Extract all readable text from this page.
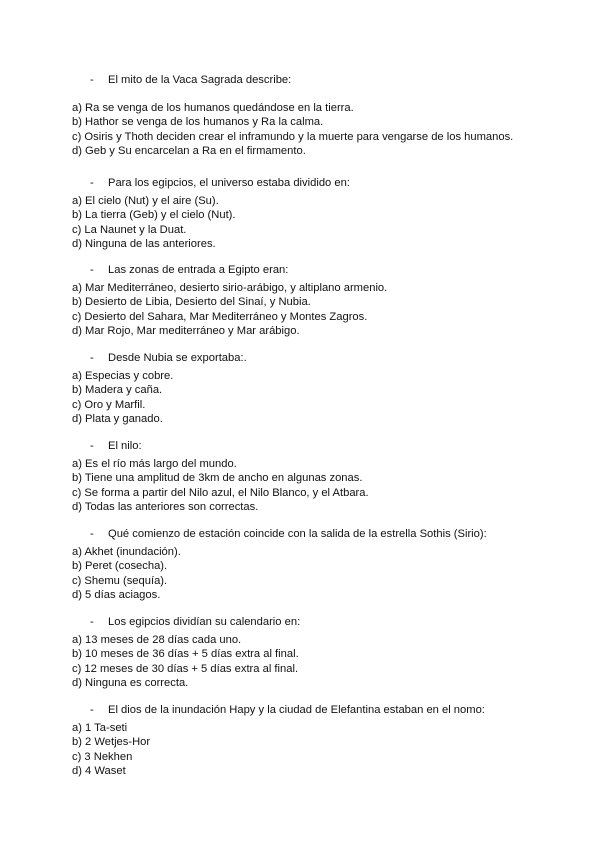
- El mito de la Vaca Sagrada describe:
a) Ra se venga de los humanos quedándose en la tierra.
b) Hathor se venga de los humanos y Ra la calma.
c) Osiris y Thoth deciden crear el inframundo y la muerte para vengarse de los humanos.
d) Geb y Su encarcelan a Ra en el firmamento.
- Para los egipcios, el universo estaba dividido en:
a) El cielo (Nut) y el aire (Su).
b) La tierra (Geb) y el cielo (Nut).
c) La Naunet y la Duat.
d) Ninguna de las anteriores.
- Las zonas de entrada a Egipto eran:
a) Mar Mediterráneo, desierto sirio-arábigo, y altiplano armenio.
b) Desierto de Libia, Desierto del Sinaí, y Nubia.
c) Desierto del Sahara, Mar Mediterráneo y Montes Zagros.
d) Mar Rojo, Mar mediterráneo y Mar arábigo.
- Desde Nubia se exportaba:.
a) Especias y cobre.
b) Madera y caña.
c) Oro y Marfil.
d) Plata y ganado.
- El nilo:
a) Es el río más largo del mundo.
b) Tiene una amplitud de 3km de ancho en algunas zonas.
c) Se forma a partir del Nilo azul, el Nilo Blanco, y el Atbara.
d) Todas las anteriores son correctas.
- Qué comienzo de estación coincide con la salida de la estrella Sothis (Sirio):
a) Akhet (inundación).
b) Peret (cosecha).
c) Shemu (sequía).
d) 5 días aciagos.
- Los egipcios dividían su calendario en:
a) 13 meses de 28 días cada uno.
b) 10 meses de 36 días + 5 días extra al final.
c) 12 meses de 30 días + 5 días extra al final.
d) Ninguna es correcta.
- El dios de la inundación Hapy y la ciudad de Elefantina estaban en el nomo:
a) 1 Ta-seti
b) 2 Wetjes-Hor
c) 3 Nekhen
d) 4 Waset
